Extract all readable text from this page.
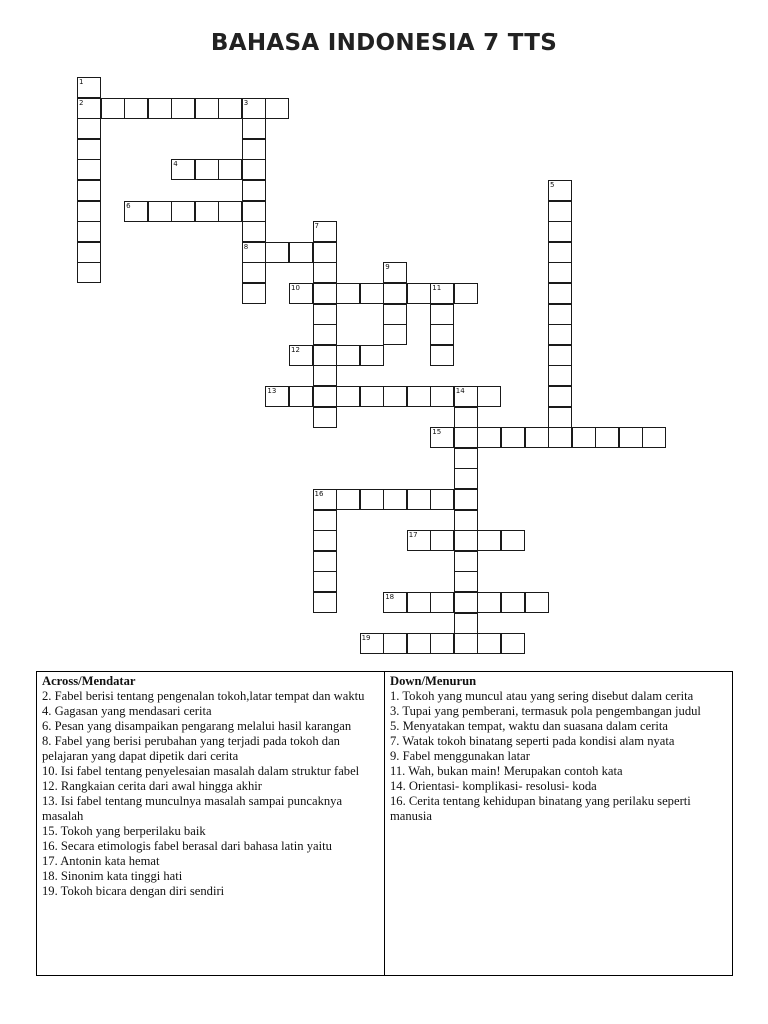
BAHASA INDONESIA 7 TTS
1
2	3
4
5
6
7
8
9
10	11
12
13	14
15
16
17
18
19
Across/Mendatar
2. Fabel berisi tentang pengenalan tokoh,latar tempat dan waktu
4. Gagasan yang mendasari cerita
6. Pesan yang disampaikan pengarang melalui hasil karangan
8. Fabel yang berisi perubahan yang terjadi pada tokoh dan pelajaran yang dapat dipetik dari cerita
10. Isi fabel tentang penyelesaian masalah dalam struktur fabel
12. Rangkaian cerita dari awal hingga akhir
13. Isi fabel tentang munculnya masalah sampai puncaknya masalah
15. Tokoh yang berperilaku baik
16. Secara etimologis fabel berasal dari bahasa latin yaitu
17. Antonin kata hemat
18. Sinonim kata tinggi hati
19. Tokoh bicara dengan diri sendiri
Down/Menurun
1. Tokoh yang muncul atau yang sering disebut dalam cerita
3. Tupai yang pemberani, termasuk pola pengembangan judul
5. Menyatakan tempat, waktu dan suasana dalam cerita
7. Watak tokoh binatang seperti pada kondisi alam nyata
9. Fabel menggunakan latar
11. Wah, bukan main! Merupakan contoh kata
14. Orientasi- komplikasi- resolusi- koda
16. Cerita tentang kehidupan binatang yang perilaku seperti manusia
